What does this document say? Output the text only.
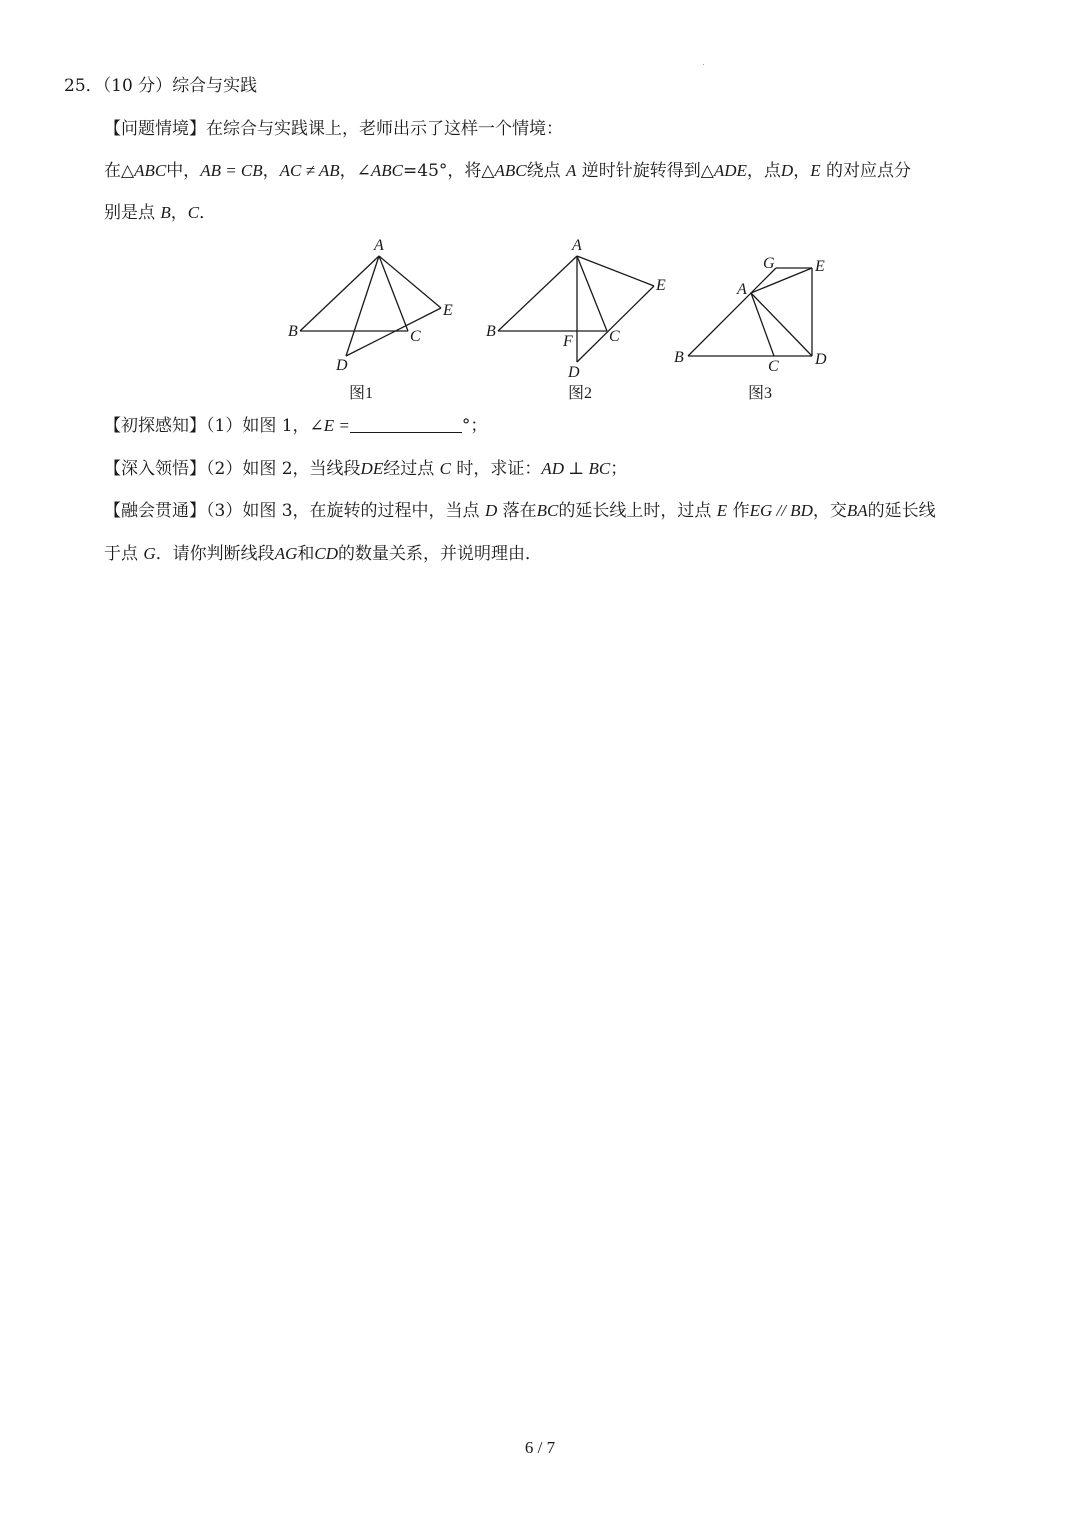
25．（10 分）综合与实践
【问题情境】在综合与实践课上，老师出示了这样一个情境：
在△ABC中，AB = CB，AC ≠ AB，∠ABC=45°，将△ABC绕点 A 逆时针旋转得到△ADE，点D，E 的对应点分
别是点 B，C．
A
B	C
D
E
图1
A
B	C
D
E
F
图2
G	E
A
B
C D
图3
【初探感知】（1）如图 1，∠E =	°；
【深入领悟】（2）如图 2，当线段DE经过点 C 时，求证：AD ⊥ BC；
【融会贯通】（3）如图 3，在旋转的过程中，当点 D 落在BC的延长线上时，过点 E 作EG // BD，交BA的延长线
于点 G．请你判断线段AG和CD的数量关系，并说明理由．
6 / 7
